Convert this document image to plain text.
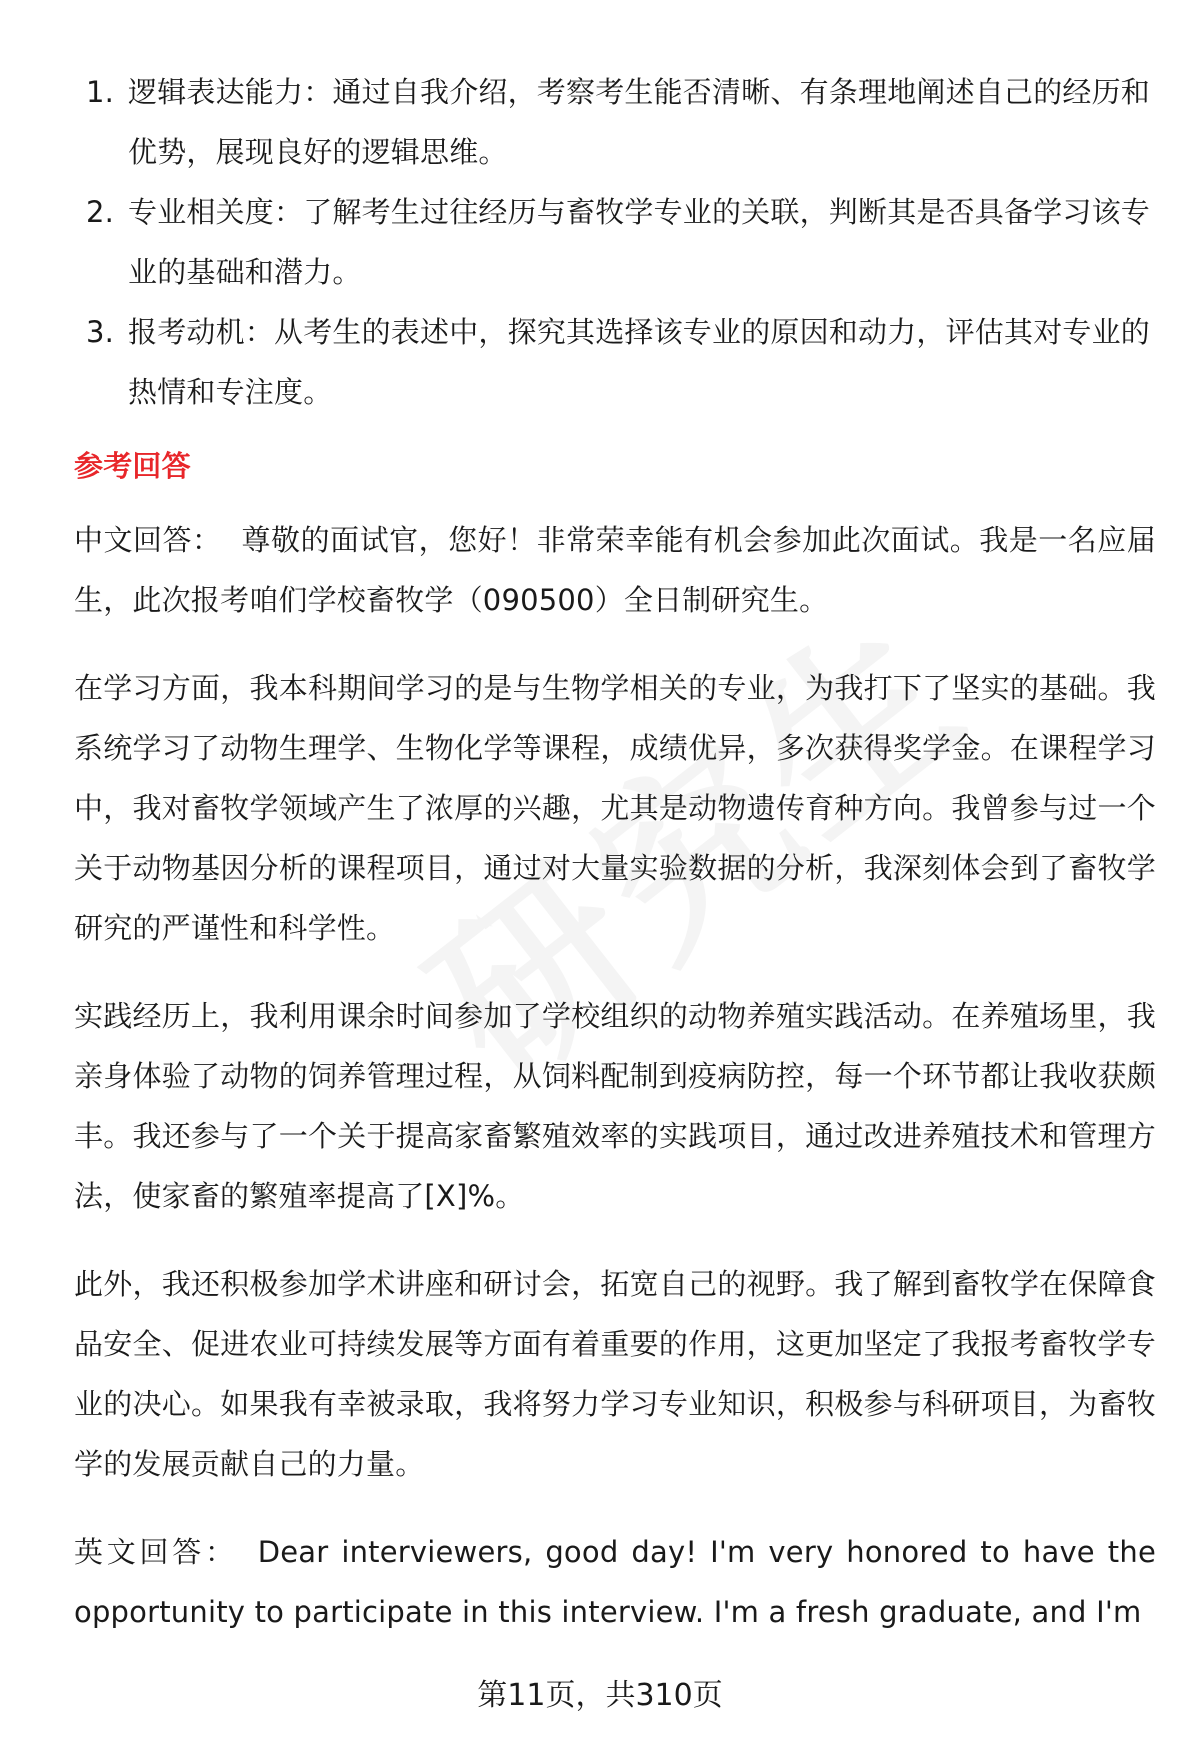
1. 逻辑表达能力：通过自我介绍，考察考生能否清晰、有条理地阐述自己的经历和优势，展现良好的逻辑思维。
2. 专业相关度：了解考生过往经历与畜牧学专业的关联，判断其是否具备学习该专业的基础和潜力。
3. 报考动机：从考生的表述中，探究其选择该专业的原因和动力，评估其对专业的热情和专注度。
参考回答

中文回答： 尊敬的面试官，您好！非常荣幸能有机会参加此次面试。我是一名应届生，此次报考咱们学校畜牧学（090500）全日制研究生。

在学习方面，我本科期间学习的是与生物学相关的专业，为我打下了坚实的基础。我系统学习了动物生理学、生物化学等课程，成绩优异，多次获得奖学金。在课程学习中，我对畜牧学领域产生了浓厚的兴趣，尤其是动物遗传育种方向。我曾参与过一个关于动物基因分析的课程项目，通过对大量实验数据的分析，我深刻体会到了畜牧学研究的严谨性和科学性。

实践经历上，我利用课余时间参加了学校组织的动物养殖实践活动。在养殖场里，我亲身体验了动物的饲养管理过程，从饲料配制到疫病防控，每一个环节都让我收获颇丰。我还参与了一个关于提高家畜繁殖效率的实践项目，通过改进养殖技术和管理方法，使家畜的繁殖率提高了[X]%。

此外，我还积极参加学术讲座和研讨会，拓宽自己的视野。我了解到畜牧学在保障食品安全、促进农业可持续发展等方面有着重要的作用，这更加坚定了我报考畜牧学专业的决心。如果我有幸被录取，我将努力学习专业知识，积极参与科研项目，为畜牧学的发展贡献自己的力量。

英文回答： Dear interviewers, good day! I'm very honored to have the opportunity to participate in this interview. I'm a fresh graduate, and I'm

第11页，共310页
